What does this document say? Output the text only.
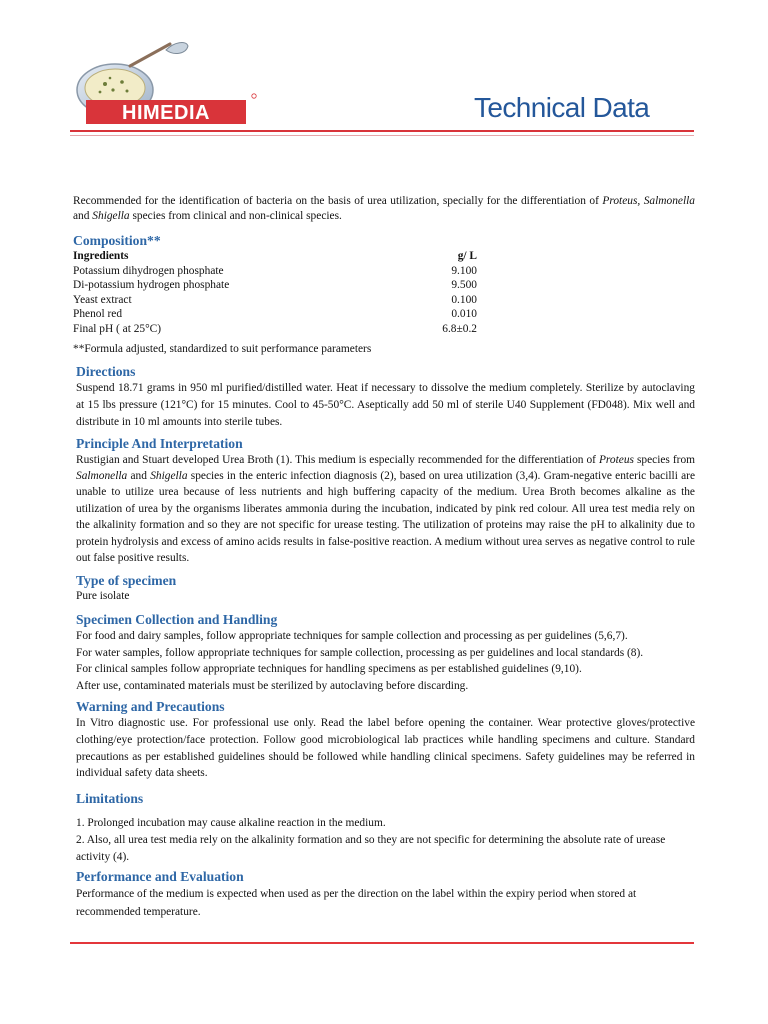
HIMEDIA	Technical Data

Recommended for the identification of bacteria on the basis of urea utilization, specially for the differentiation of Proteus, Salmonella and Shigella species from clinical and non-clinical species.

Composition**
Ingredients	g/ L
Potassium dihydrogen phosphate	9.100
Di-potassium hydrogen phosphate	9.500
Yeast extract	0.100
Phenol red	0.010
Final pH ( at 25°C)	6.8±0.2

**Formula adjusted, standardized to suit performance parameters

Directions

Suspend 18.71 grams in 950 ml purified/distilled water. Heat if necessary to dissolve the medium completely. Sterilize by autoclaving at 15 lbs pressure (121°C) for 15 minutes. Cool to 45-50°C. Aseptically add 50 ml of sterile U40 Supplement (FD048). Mix well and distribute in 10 ml amounts into sterile tubes.

Principle And Interpretation

Rustigian and Stuart developed Urea Broth (1). This medium is especially recommended for the differentiation of Proteus species from Salmonella and Shigella species in the enteric infection diagnosis (2), based on urea utilization (3,4). Gram-negative enteric bacilli are unable to utilize urea because of less nutrients and high buffering capacity of the medium. Urea Broth becomes alkaline as the utilization of urea by the organisms liberates ammonia during the incubation, indicated by pink red colour. All urea test media rely on the alkalinity formation and so they are not specific for urease testing. The utilization of proteins may raise the pH to alkalinity due to protein hydrolysis and excess of amino acids results in false-positive reaction. A medium without urea serves as negative control to rule out false positive results.

Type of specimen

Pure isolate

Specimen Collection and Handling

For food and dairy samples, follow appropriate techniques for sample collection and processing as per guidelines (5,6,7).

For water samples, follow appropriate techniques for sample collection, processing as per guidelines and local standards (8).

For clinical samples follow appropriate techniques for handling specimens as per established guidelines (9,10).

After use, contaminated materials must be sterilized by autoclaving before discarding.

Warning and Precautions

In Vitro diagnostic use. For professional use only. Read the label before opening the container. Wear protective gloves/protective clothing/eye protection/face protection. Follow good microbiological lab practices while handling specimens and culture. Standard precautions as per established guidelines should be followed while handling clinical specimens. Safety guidelines may be referred in individual safety data sheets.

Limitations

1. Prolonged incubation may cause alkaline reaction in the medium.

2. Also, all urea test media rely on the alkalinity formation and so they are not specific for determining the absolute rate of urease activity (4).

Performance and Evaluation

Performance of the medium is expected when used as per the direction on the label within the expiry period when stored at recommended temperature.
